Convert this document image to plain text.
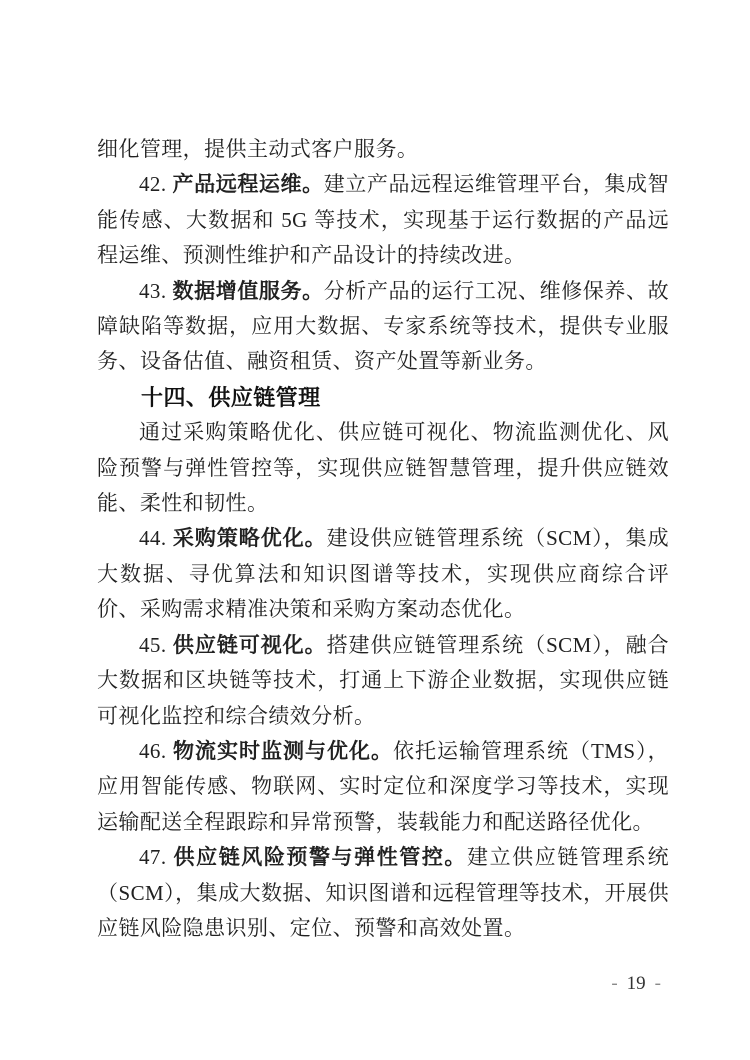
细化管理，提供主动式客户服务。

42. 产品远程运维。建立产品远程运维管理平台，集成智能传感、大数据和 5G 等技术，实现基于运行数据的产品远程运维、预测性维护和产品设计的持续改进。

43. 数据增值服务。分析产品的运行工况、维修保养、故障缺陷等数据，应用大数据、专家系统等技术，提供专业服务、设备估值、融资租赁、资产处置等新业务。

十四、供应链管理

通过采购策略优化、供应链可视化、物流监测优化、风险预警与弹性管控等，实现供应链智慧管理，提升供应链效能、柔性和韧性。

44. 采购策略优化。建设供应链管理系统（SCM），集成大数据、寻优算法和知识图谱等技术，实现供应商综合评价、采购需求精准决策和采购方案动态优化。

45. 供应链可视化。搭建供应链管理系统（SCM），融合大数据和区块链等技术，打通上下游企业数据，实现供应链可视化监控和综合绩效分析。

46. 物流实时监测与优化。依托运输管理系统（TMS），应用智能传感、物联网、实时定位和深度学习等技术，实现运输配送全程跟踪和异常预警，装载能力和配送路径优化。

47. 供应链风险预警与弹性管控。建立供应链管理系统（SCM），集成大数据、知识图谱和远程管理等技术，开展供应链风险隐患识别、定位、预警和高效处置。

- 19 -
